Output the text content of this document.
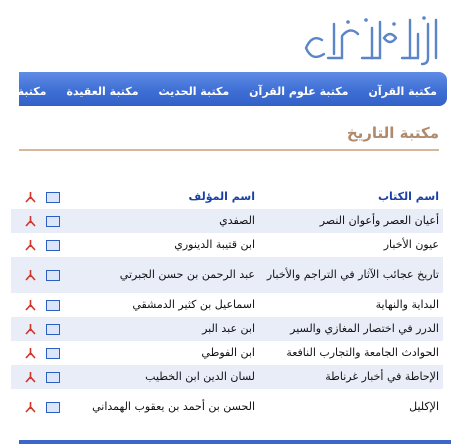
مكتبة القرآن
مكتبة علوم القرآن
مكتبة الحديث
مكتبة العقيدة
مكتبة ا
مكتبة التاريخ
اسم الكتاب	اسم المؤلف	
أعيان العصر وأعوان النصر	الصفدي	
عيون الأخبار	ابن قتيبة الدينوري	
تاريخ عجائب الآثار في التراجم والأخبار	عبد الرحمن بن حسن الجبرتي	
البداية والنهاية	اسماعيل بن كثير الدمشقي	
الدرر في اختصار المغازي والسير	ابن عبد البر	
الحوادث الجامعة والتجارب النافعة	ابن الفوطي	
الإحاطة في أخبار غرناطة	لسان الدين ابن الخطيب	
الإكليل	الحسن بن أحمد بن يعقوب الهمداني	
